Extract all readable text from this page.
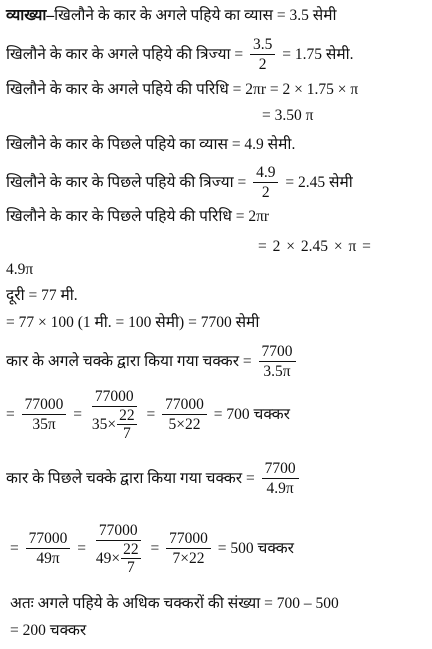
व्याख्या–खिलौने के कार के अगले पहिये का व्यास = 3.5 सेमी
खिलौने के कार के अगले पहिये की त्रिज्या = $\frac{3.5}{2} = 1.75$ सेमी.
खिलौने के कार के अगले पहिये की परिधि = 2πr = 2 × 1.75 × π
= 3.50 π
खिलौने के कार के पिछले पहिये का व्यास = 4.9 सेमी.
खिलौने के कार के पिछले पहिये की त्रिज्या = $\frac{4.9}{2} = 2.45$ सेमी
खिलौने के कार के पिछले पहिये की परिधि = 2πr
= 2 × 2.45 × π =
4.9π
दूरी = 77 मी.
= 77 × 100 (1 मी. = 100 सेमी) = 7700 सेमी
कार के अगले चक्के द्वारा किया गया चक्कर = $\frac{7700}{3.5\pi}$
= $\frac{77000}{35\pi} = \frac{77000}{35\times \frac{22}{7}} = \frac{77000}{5\times 22} = 700$ चक्कर
कार के पिछले चक्के द्वारा किया गया चक्कर = $\frac{7700}{4.9\pi}$
= $\frac{77000}{49\pi} = \frac{77000}{49\times \frac{22}{7}} = \frac{77000}{7\times 22} = 500$ चक्कर
अतः अगले पहिये के अधिक चक्करों की संख्या = 700 – 500
= 200 चक्कर
